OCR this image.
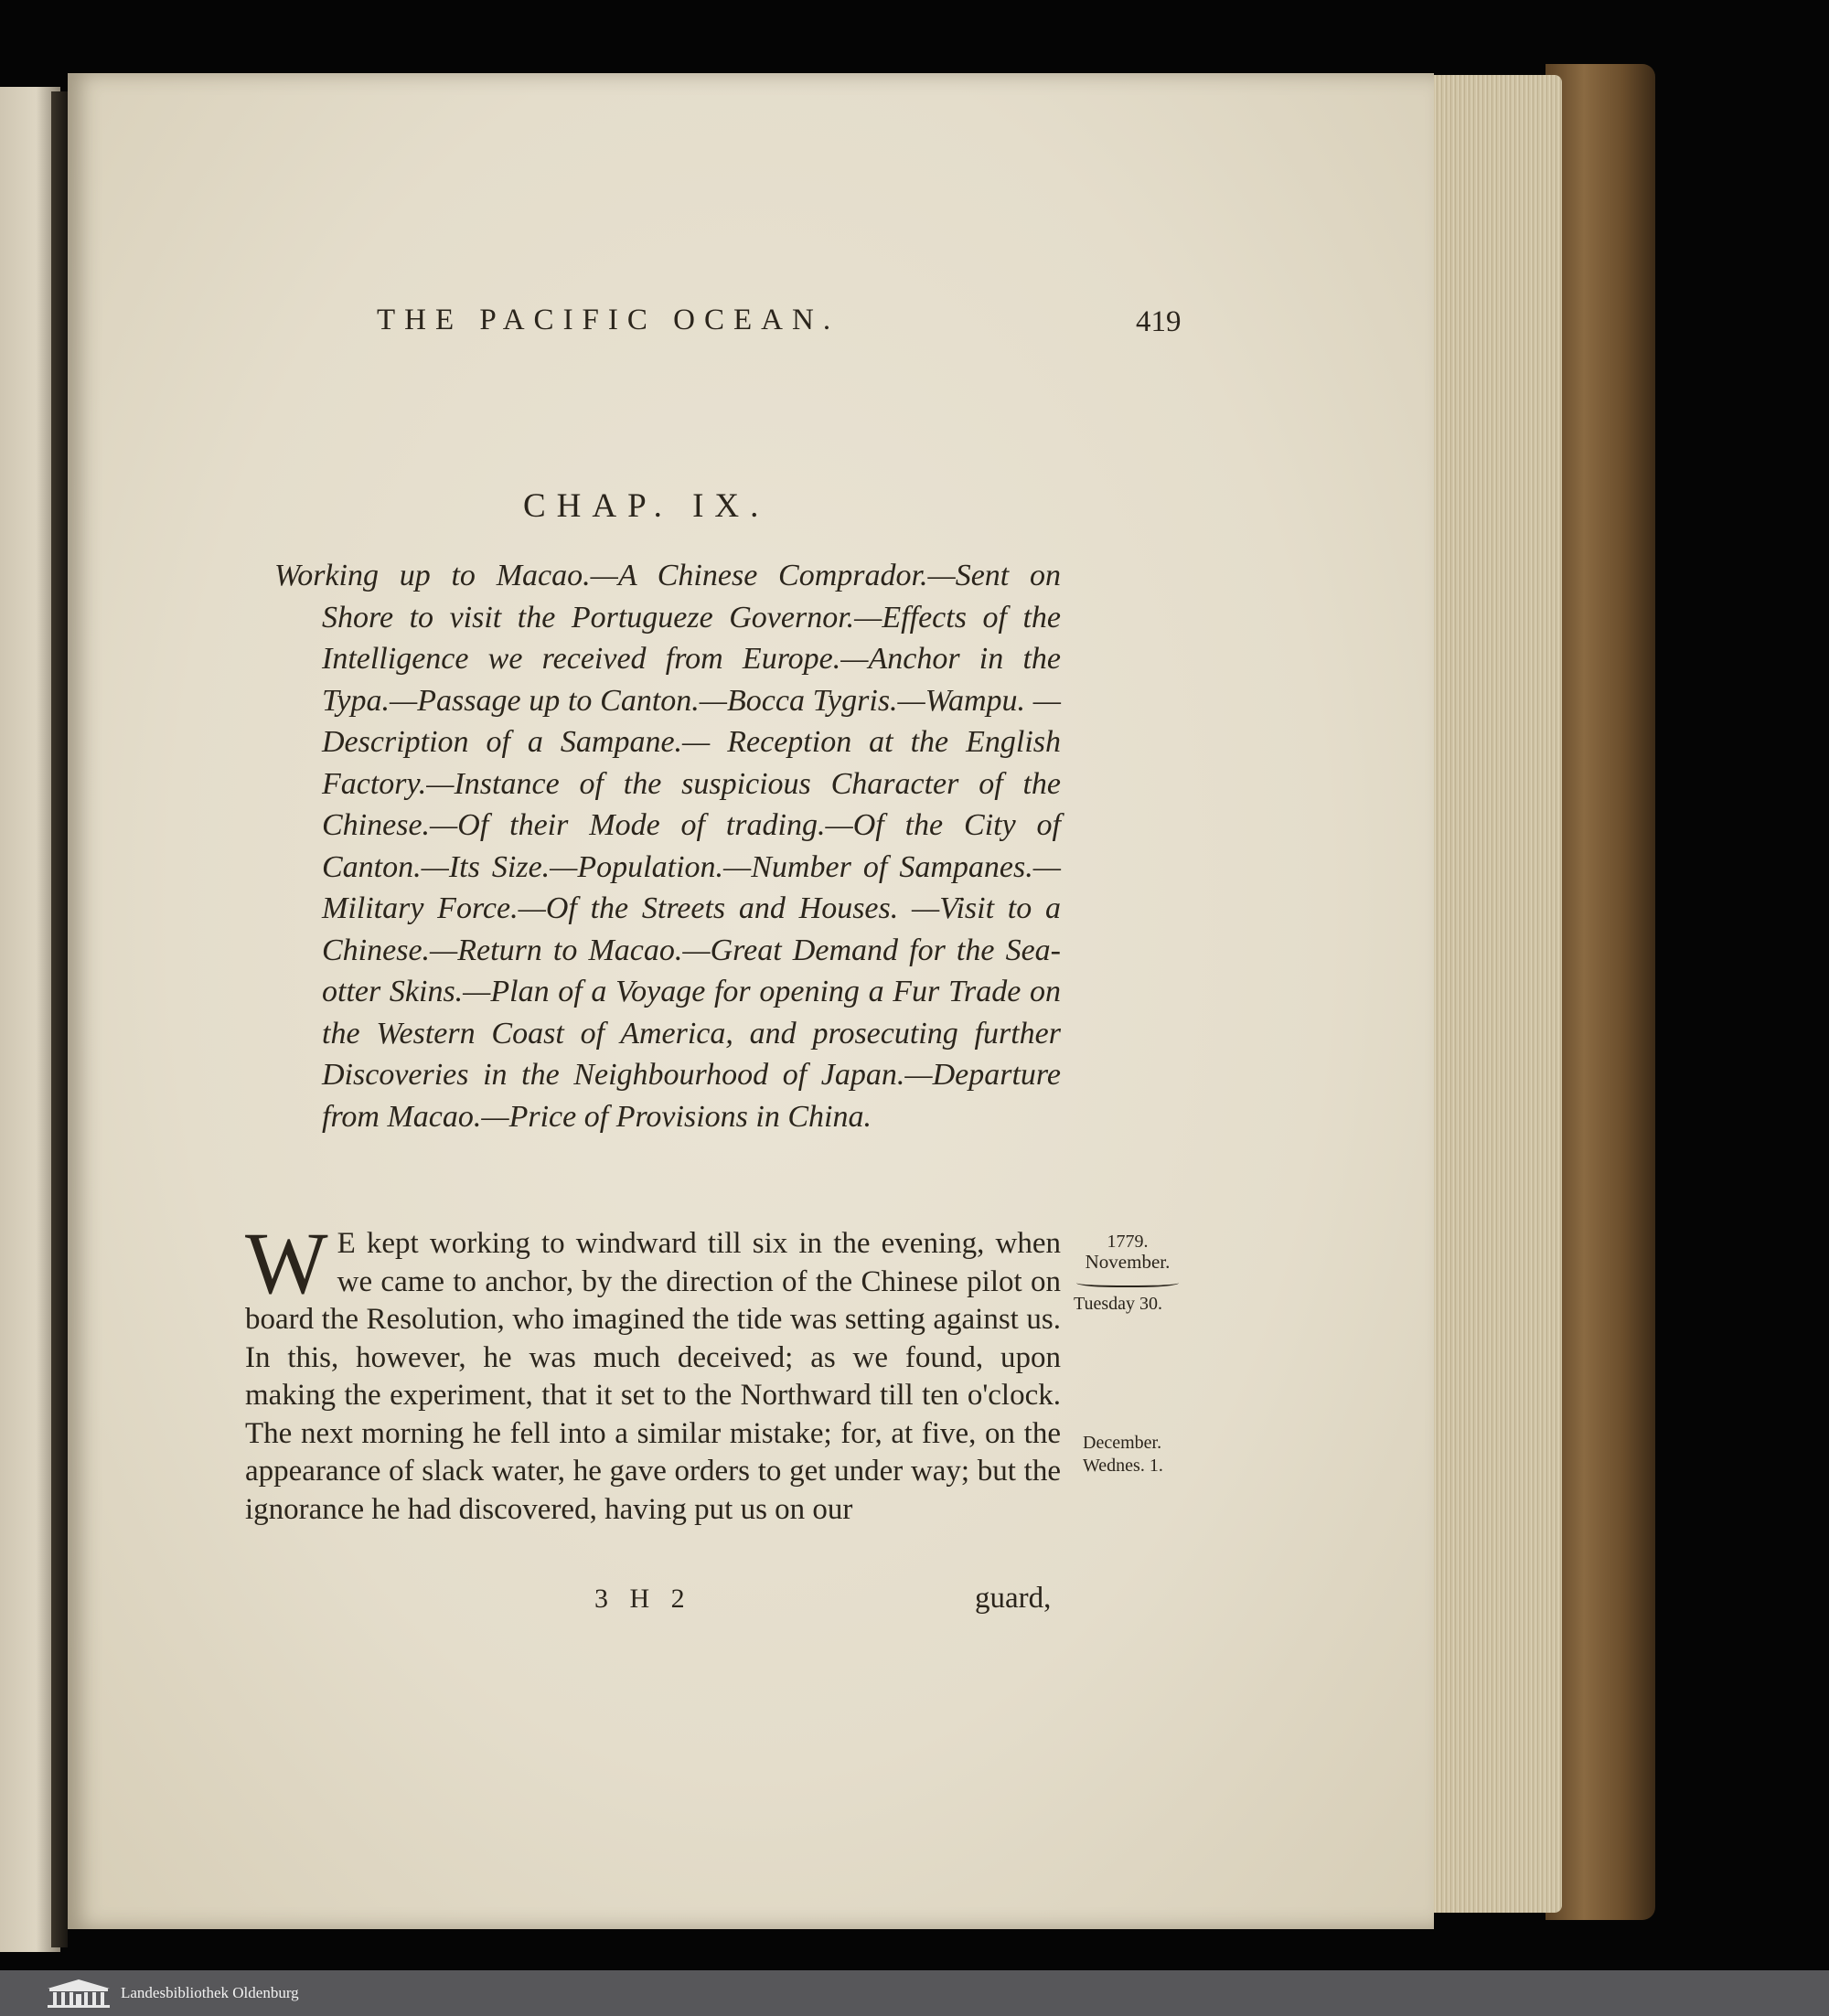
THE PACIFIC OCEAN.	419
CHAP. IX.

Working up to Macao.—A Chinese Comprador.—Sent on Shore to visit the Portugueze Governor.—Effects of the Intelligence we received from Europe.—Anchor in the Typa.—Passage up to Canton.—Bocca Tygris.—Wampu. —Description of a Sampane.— Reception at the English Factory.—Instance of the suspicious Character of the Chinese.—Of their Mode of trading.—Of the City of Canton.—Its Size.—Population.—Number of Sampanes.—Military Force.—Of the Streets and Houses. —Visit to a Chinese.—Return to Macao.—Great Demand for the Sea-otter Skins.—Plan of a Voyage for opening a Fur Trade on the Western Coast of America, and prosecuting further Discoveries in the Neighbourhood of Japan.—Departure from Macao.—Price of Provisions in China.

W E kept working to windward till six in the evening, when we came to anchor, by the direction of the Chinese pilot on board the Resolution, who imagined the tide was setting against us. In this, however, he was much deceived; as we found, upon making the experiment, that it set to the Northward till ten o'clock. The next morning he fell into a similar mistake; for, at five, on the appearance of slack water, he gave orders to get under way; but the ignorance he had discovered, having put us on our

1779.
November.
Tuesday 30.
December.
Wednes. 1.
3 H 2	guard,
Landesbibliothek Oldenburg
